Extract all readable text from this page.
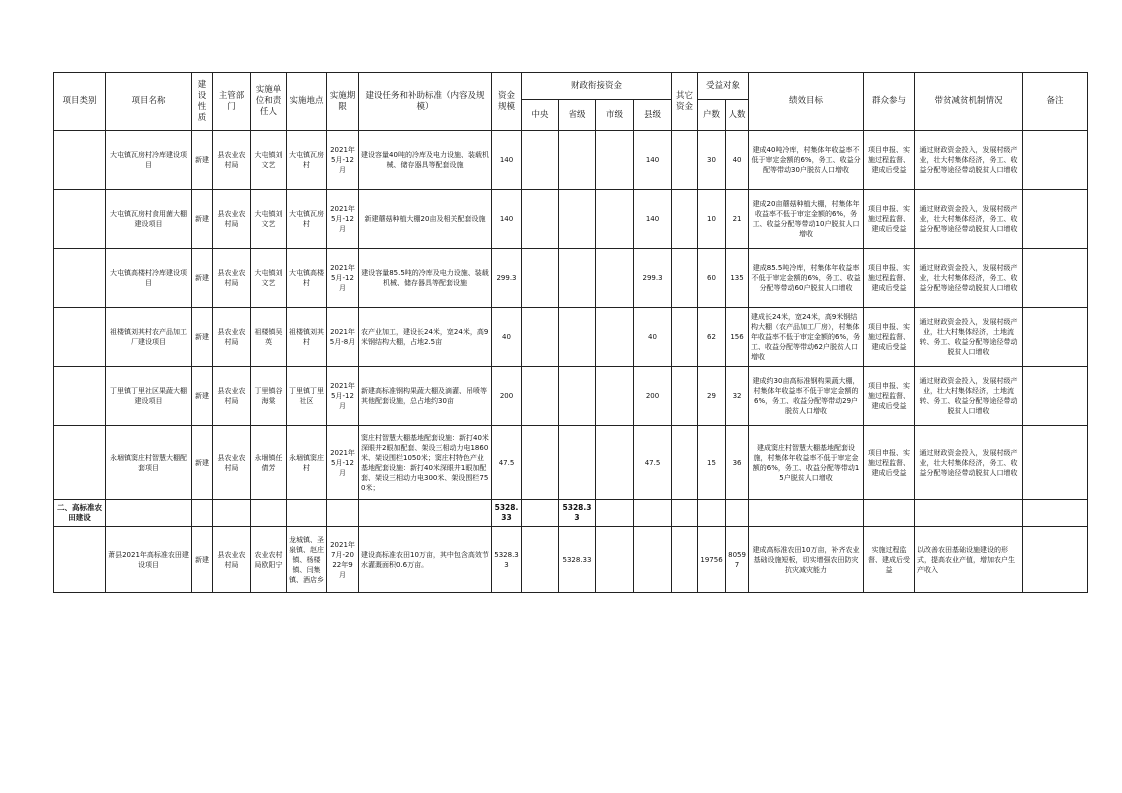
项目类别	项目名称	建设性质	主管部门	实施单位和责任人	实施地点	实施期限	建设任务和补助标准（内容及规模）	资金规模	财政衔接资金				其它资金	受益对象		绩效目标	群众参与	带贫减贫机制情况	备注
									中央	省级	市级	县级		户数	人数				
	大屯镇瓦房村冷库建设项目	新建	县农业农村局	大屯镇刘文艺	大屯镇瓦房村	2021年5月-12月	建设容量40吨的冷库及电力设施、装载机械、储存器具等配套设施	140				140		30	40	建成40吨冷库，村集体年收益率不低于审定金额的6%，务工、收益分配等带动30户脱贫人口增收	项目申报、实施过程监督、建成后受益	通过财政资金投入，发展村级产业，壮大村集体经济，务工、收益分配等途径带动脱贫人口增收	
	大屯镇瓦房村食用菌大棚建设项目	新建	县农业农村局	大屯镇刘文艺	大屯镇瓦房村	2021年5月-12月	新建蘑菇种植大棚20亩及相关配套设施	140				140		10	21	建成20亩蘑菇种植大棚，村集体年收益率不低于审定金额的6%，务工、收益分配等带动10户脱贫人口增收	项目申报、实施过程监督、建成后受益	通过财政资金投入，发展村级产业，壮大村集体经济，务工、收益分配等途径带动脱贫人口增收	
	大屯镇高楼村冷库建设项目	新建	县农业农村局	大屯镇刘文艺	大屯镇高楼村	2021年5月-12月	建设容量85.5吨的冷库及电力设施、装载机械、储存器具等配套设施	299.3				299.3		60	135	建成85.5吨冷库，村集体年收益率不低于审定金额的6%，务工、收益分配等带动60户脱贫人口增收	项目申报、实施过程监督、建成后受益	通过财政资金投入，发展村级产业，壮大村集体经济，务工、收益分配等途径带动脱贫人口增收	
	祖楼镇刘其村农产品加工厂建设项目	新建	县农业农村局	祖楼镇吴英	祖楼镇刘其村	2021年5月-8月	农产业加工，建设长24米，宽24米，高9米钢结构大棚，占地2.5亩	40				40		62	156	建成长24米，宽24米，高9米钢结构大棚（农产品加工厂房），村集体年收益率不低于审定金额的6%，务工、收益分配等带动62户脱贫人口增收	项目申报、实施过程监督、建成后受益	通过财政资金投入，发展村级产业，壮大村集体经济，土地流转、务工、收益分配等途径带动脱贫人口增收	
	丁里镇丁里社区果蔬大棚建设项目	新建	县农业农村局	丁里镇谷海棠	丁里镇丁里社区	2021年5月-12月	新建高标准钢构果蔬大棚及滴灌、吊喷等其他配套设施，总占地约30亩	200				200		29	32	建成约30亩高标准钢构果蔬大棚，村集体年收益率不低于审定金额的6%，务工、收益分配等带动29户脱贫人口增收	项目申报、实施过程监督、建成后受益	通过财政资金投入，发展村级产业，壮大村集体经济，土地流转、务工、收益分配等途径带动脱贫人口增收	
	永堌镇窦庄村智慧大棚配套项目	新建	县农业农村局	永堌镇任倩芳	永堌镇窦庄村	2021年5月-12月	窦庄村智慧大棚基地配套设施：新打40米深眼井2眼加配套、架设三相动力电1860米、架设围栏1050米；窦庄村特色产业基地配套设施：新打40米深眼井1眼加配套、架设三相动力电300米、架设围栏750米；	47.5				47.5		15	36	建成窦庄村智慧大棚基地配套设施，村集体年收益率不低于审定金额的6%，务工、收益分配等带动15户脱贫人口增收	项目申报、实施过程监督、建成后受益	通过财政资金投入，发展村级产业，壮大村集体经济，务工、收益分配等途径带动脱贫人口增收	
二、高标准农田建设								5328.33		5328.33									
	萧县2021年高标准农田建设项目	新建	县农业农村局	农业农村局欧阳宁	龙城镇、圣泉镇、赵庄镇、杨楼镇、闫集镇、酒店乡	2021年7月-2022年9月	建设高标准农田10万亩，其中包含高效节水灌溉面积0.6万亩。	5328.33		5328.33				19756	80597	建成高标准农田10万亩，补齐农业基础设施短板，切实增强农田防灾抗灾减灾能力	实施过程监督、建成后受益	以改善农田基础设施建设的形式，提高农业产值，增加农户生产收入	
